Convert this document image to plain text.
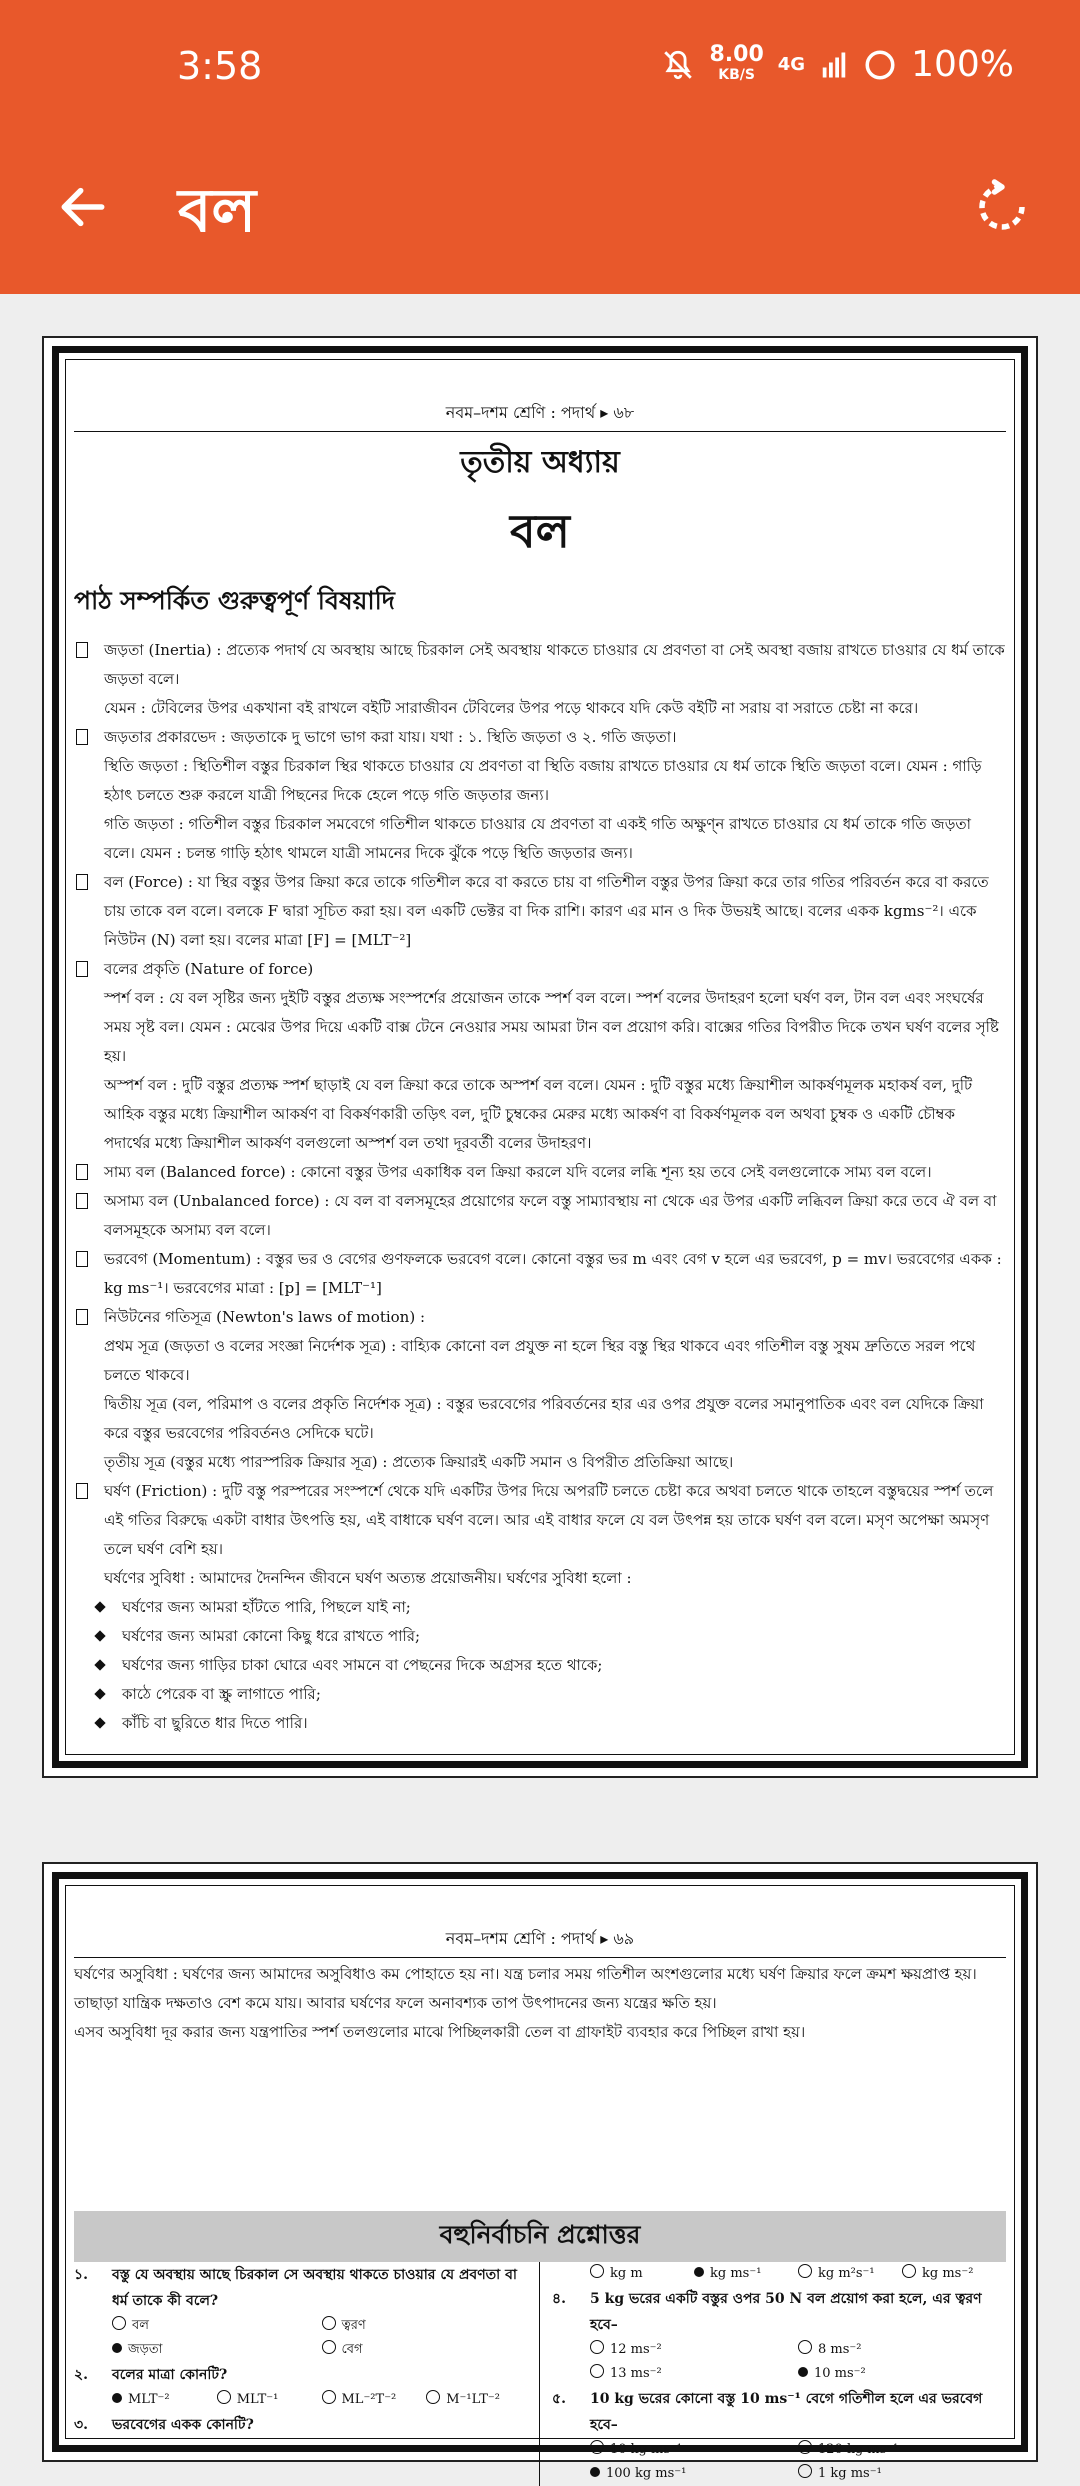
3:58	8.00
KB/S	4G	100%
বল
নবম–দশম শ্রেণি : পদার্থ ▸ ৬৮
তৃতীয় অধ্যায়
বল
পাঠ সম্পর্কিত গুরুত্বপূর্ণ বিষয়াদি
জড়তা (Inertia) : প্রত্যেক পদার্থ যে অবস্থায় আছে চিরকাল সেই অবস্থায় থাকতে চাওয়ার যে প্রবণতা বা সেই অবস্থা বজায় রাখতে চাওয়ার যে ধর্ম তাকে জড়তা বলে।
যেমন : টেবিলের উপর একখানা বই রাখলে বইটি সারাজীবন টেবিলের উপর পড়ে থাকবে যদি কেউ বইটি না সরায় বা সরাতে চেষ্টা না করে।
জড়তার প্রকারভেদ : জড়তাকে দু ভাগে ভাগ করা যায়। যথা : ১. স্থিতি জড়তা ও ২. গতি জড়তা।
স্থিতি জড়তা : স্থিতিশীল বস্তুর চিরকাল স্থির থাকতে চাওয়ার যে প্রবণতা বা স্থিতি বজায় রাখতে চাওয়ার যে ধর্ম তাকে স্থিতি জড়তা বলে। যেমন : গাড়ি হঠাৎ চলতে শুরু করলে যাত্রী পিছনের দিকে হেলে পড়ে গতি জড়তার জন্য।
গতি জড়তা : গতিশীল বস্তুর চিরকাল সমবেগে গতিশীল থাকতে চাওয়ার যে প্রবণতা বা একই গতি অক্ষুণ্ন রাখতে চাওয়ার যে ধর্ম তাকে গতি জড়তা বলে। যেমন : চলন্ত গাড়ি হঠাৎ থামলে যাত্রী সামনের দিকে ঝুঁকে পড়ে স্থিতি জড়তার জন্য।
বল (Force) : যা স্থির বস্তুর উপর ক্রিয়া করে তাকে গতিশীল করে বা করতে চায় বা গতিশীল বস্তুর উপর ক্রিয়া করে তার গতির পরিবর্তন করে বা করতে চায় তাকে বল বলে। বলকে F দ্বারা সূচিত করা হয়। বল একটি ভেক্টর বা দিক রাশি। কারণ এর মান ও দিক উভয়ই আছে। বলের একক kgms⁻²। একে নিউটন (N) বলা হয়। বলের মাত্রা [F] = [MLT⁻²]
বলের প্রকৃতি (Nature of force)
স্পর্শ বল : যে বল সৃষ্টির জন্য দুইটি বস্তুর প্রত্যক্ষ সংস্পর্শের প্রয়োজন তাকে স্পর্শ বল বলে। স্পর্শ বলের উদাহরণ হলো ঘর্ষণ বল, টান বল এবং সংঘর্ষের সময় সৃষ্ট বল। যেমন : মেঝের উপর দিয়ে একটি বাক্স টেনে নেওয়ার সময় আমরা টান বল প্রয়োগ করি। বাক্সের গতির বিপরীত দিকে তখন ঘর্ষণ বলের সৃষ্টি হয়।
অস্পর্শ বল : দুটি বস্তুর প্রত্যক্ষ স্পর্শ ছাড়াই যে বল ক্রিয়া করে তাকে অস্পর্শ বল বলে। যেমন : দুটি বস্তুর মধ্যে ক্রিয়াশীল আকর্ষণমূলক মহাকর্ষ বল, দুটি আহিক বস্তুর মধ্যে ক্রিয়াশীল আকর্ষণ বা বিকর্ষণকারী তড়িৎ বল, দুটি চুম্বকের মেরুর মধ্যে আকর্ষণ বা বিকর্ষণমূলক বল অথবা চুম্বক ও একটি চৌম্বক পদার্থের মধ্যে ক্রিয়াশীল আকর্ষণ বলগুলো অস্পর্শ বল তথা দূরবর্তী বলের উদাহরণ।
সাম্য বল (Balanced force) : কোনো বস্তুর উপর একাধিক বল ক্রিয়া করলে যদি বলের লব্ধি শূন্য হয় তবে সেই বলগুলোকে সাম্য বল বলে।
অসাম্য বল (Unbalanced force) : যে বল বা বলসমূহের প্রয়োগের ফলে বস্তু সাম্যাবস্থায় না থেকে এর উপর একটি লব্ধিবল ক্রিয়া করে তবে ঐ বল বা বলসমূহকে অসাম্য বল বলে।
ভরবেগ (Momentum) : বস্তুর ভর ও বেগের গুণফলকে ভরবেগ বলে। কোনো বস্তুর ভর m এবং বেগ v হলে এর ভরবেগ, p = mv। ভরবেগের একক : kg ms⁻¹। ভরবেগের মাত্রা : [p] = [MLT⁻¹]
নিউটনের গতিসূত্র (Newton's laws of motion) :
প্রথম সূত্র (জড়তা ও বলের সংজ্ঞা নির্দেশক সূত্র) : বাহ্যিক কোনো বল প্রযুক্ত না হলে স্থির বস্তু স্থির থাকবে এবং গতিশীল বস্তু সুষম দ্রুতিতে সরল পথে চলতে থাকবে।
দ্বিতীয় সূত্র (বল, পরিমাপ ও বলের প্রকৃতি নির্দেশক সূত্র) : বস্তুর ভরবেগের পরিবর্তনের হার এর ওপর প্রযুক্ত বলের সমানুপাতিক এবং বল যেদিকে ক্রিয়া করে বস্তুর ভরবেগের পরিবর্তনও সেদিকে ঘটে।
তৃতীয় সূত্র (বস্তুর মধ্যে পারস্পরিক ক্রিয়ার সূত্র) : প্রত্যেক ক্রিয়ারই একটি সমান ও বিপরীত প্রতিক্রিয়া আছে।
ঘর্ষণ (Friction) : দুটি বস্তু পরস্পরের সংস্পর্শে থেকে যদি একটির উপর দিয়ে অপরটি চলতে চেষ্টা করে অথবা চলতে থাকে তাহলে বস্তুদ্বয়ের স্পর্শ তলে এই গতির বিরুদ্ধে একটা বাধার উৎপত্তি হয়, এই বাধাকে ঘর্ষণ বলে। আর এই বাধার ফলে যে বল উৎপন্ন হয় তাকে ঘর্ষণ বল বলে। মসৃণ অপেক্ষা অমসৃণ তলে ঘর্ষণ বেশি হয়।
ঘর্ষণের সুবিধা : আমাদের দৈনন্দিন জীবনে ঘর্ষণ অত্যন্ত প্রয়োজনীয়। ঘর্ষণের সুবিধা হলো :
ঘর্ষণের জন্য আমরা হাঁটতে পারি, পিছলে যাই না;
ঘর্ষণের জন্য আমরা কোনো কিছু ধরে রাখতে পারি;
ঘর্ষণের জন্য গাড়ির চাকা ঘোরে এবং সামনে বা পেছনের দিকে অগ্রসর হতে থাকে;
কাঠে পেরেক বা স্ক্রু লাগাতে পারি;
কাঁচি বা ছুরিতে ধার দিতে পারি।
নবম–দশম শ্রেণি : পদার্থ ▸ ৬৯
ঘর্ষণের অসুবিধা : ঘর্ষণের জন্য আমাদের অসুবিধাও কম পোহাতে হয় না। যন্ত্র চলার সময় গতিশীল অংশগুলোর মধ্যে ঘর্ষণ ক্রিয়ার ফলে ক্রমশ ক্ষয়প্রাপ্ত হয়। তাছাড়া যান্ত্রিক দক্ষতাও বেশ কমে যায়। আবার ঘর্ষণের ফলে অনাবশ্যক তাপ উৎপাদনের জন্য যন্ত্রের ক্ষতি হয়।
এসব অসুবিধা দূর করার জন্য যন্ত্রপাতির স্পর্শ তলগুলোর মাঝে পিচ্ছিলকারী তেল বা গ্রাফাইট ব্যবহার করে পিচ্ছিল রাখা হয়।
বহুনির্বাচনি প্রশ্নোত্তর
১. বস্তু যে অবস্থায় আছে চিরকাল সে অবস্থায় থাকতে চাওয়ার যে প্রবণতা বা ধর্ম তাকে কী বলে?
বল	ত্বরণ
জড়তা	বেগ
২. বলের মাত্রা কোনটি?
MLT⁻²	MLT⁻¹	ML⁻²T⁻²	M⁻¹LT⁻²
৩. ভরবেগের একক কোনটি?
kg m	kg ms⁻¹	kg m²s⁻¹	kg ms⁻²
৪. 5 kg ভরের একটি বস্তুর ওপর 50 N বল প্রয়োগ করা হলে, এর ত্বরণ হবে–
12 ms⁻²	8 ms⁻²
13 ms⁻²	10 ms⁻²
৫. 10 kg ভরের কোনো বস্তু 10 ms⁻¹ বেগে গতিশীল হলে এর ভরবেগ হবে–
10 kg ms⁻¹	120 kg ms⁻¹
100 kg ms⁻¹	1 kg ms⁻¹
